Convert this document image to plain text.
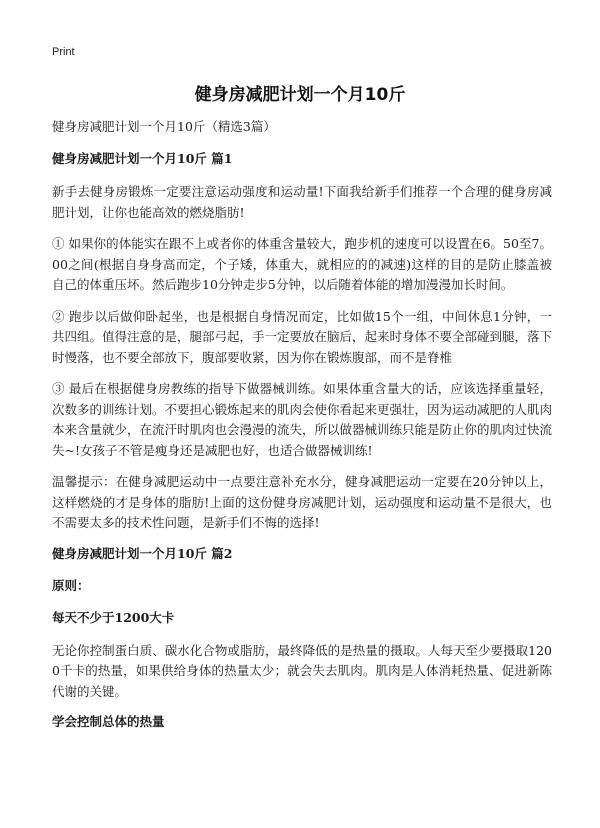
Print
健身房减肥计划一个月10斤

健身房减肥计划一个月10斤（精选3篇）

健身房减肥计划一个月10斤 篇1

新手去健身房锻炼一定要注意运动强度和运动量!下面我给新手们推荐一个合理的健身房减肥计划，让你也能高效的燃烧脂肪!

① 如果你的体能实在跟不上或者你的体重含量较大，跑步机的速度可以设置在6。50至7。00之间(根据自身身高而定，个子矮，体重大，就相应的的减速)这样的目的是防止膝盖被自己的体重压坏。然后跑步10分钟走步5分钟，以后随着体能的增加漫漫加长时间。

② 跑步以后做仰卧起坐，也是根据自身情况而定，比如做15个一组，中间休息1分钟，一共四组。值得注意的是，腿部弓起，手一定要放在脑后，起来时身体不要全部碰到腿，落下时慢落，也不要全部放下，腹部要收紧，因为你在锻炼腹部，而不是脊椎

③ 最后在根据健身房教练的指导下做器械训练。如果体重含量大的话，应该选择重量轻，次数多的训练计划。不要担心锻炼起来的肌肉会使你看起来更强壮，因为运动减肥的人肌肉本来含量就少，在流汗时肌肉也会漫漫的流失，所以做器械训练只能是防止你的肌肉过快流失~!女孩子不管是瘦身还是减肥也好，也适合做器械训练!

温馨提示：在健身减肥运动中一点要注意补充水分，健身减肥运动一定要在20分钟以上，这样燃烧的才是身体的脂肪!上面的这份健身房减肥计划，运动强度和运动量不是很大，也不需要太多的技术性问题，是新手们不悔的选择!

健身房减肥计划一个月10斤 篇2

原则：

每天不少于1200大卡

无论你控制蛋白质、碳水化合物或脂肪，最终降低的是热量的摄取。人每天至少要摄取1200千卡的热量，如果供给身体的热量太少；就会失去肌肉。肌肉是人体消耗热量、促进新陈代谢的关键。

学会控制总体的热量
